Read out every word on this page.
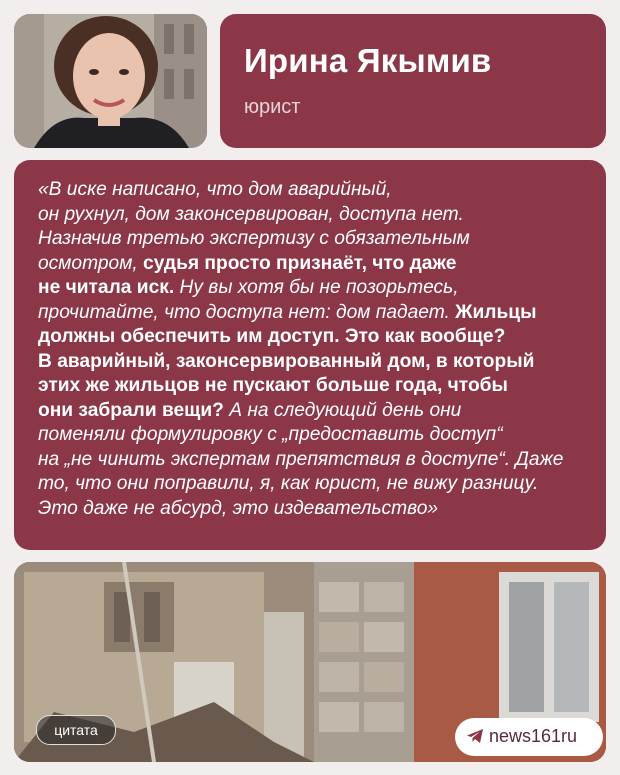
Ирина Якымив
юрист
«В иске написано, что дом аварийный,
он рухнул, дом законсервирован, доступа нет.
Назначив третью экспертизу с обязательным
осмотром, судья просто признаёт, что даже
не читала иск. Ну вы хотя бы не позорьтесь,
прочитайте, что доступа нет: дом падает. Жильцы
должны обеспечить им доступ. Это как вообще?
В аварийный, законсервированный дом, в который
этих же жильцов не пускают больше года, чтобы
они забрали вещи? А на следующий день они
поменяли формулировку с „предоставить доступ“
на „не чинить экспертам препятствия в доступе“. Даже
то, что они поправили, я, как юрист, не вижу разницу.
Это даже не абсурд, это издевательство»
цитата	news161ru
